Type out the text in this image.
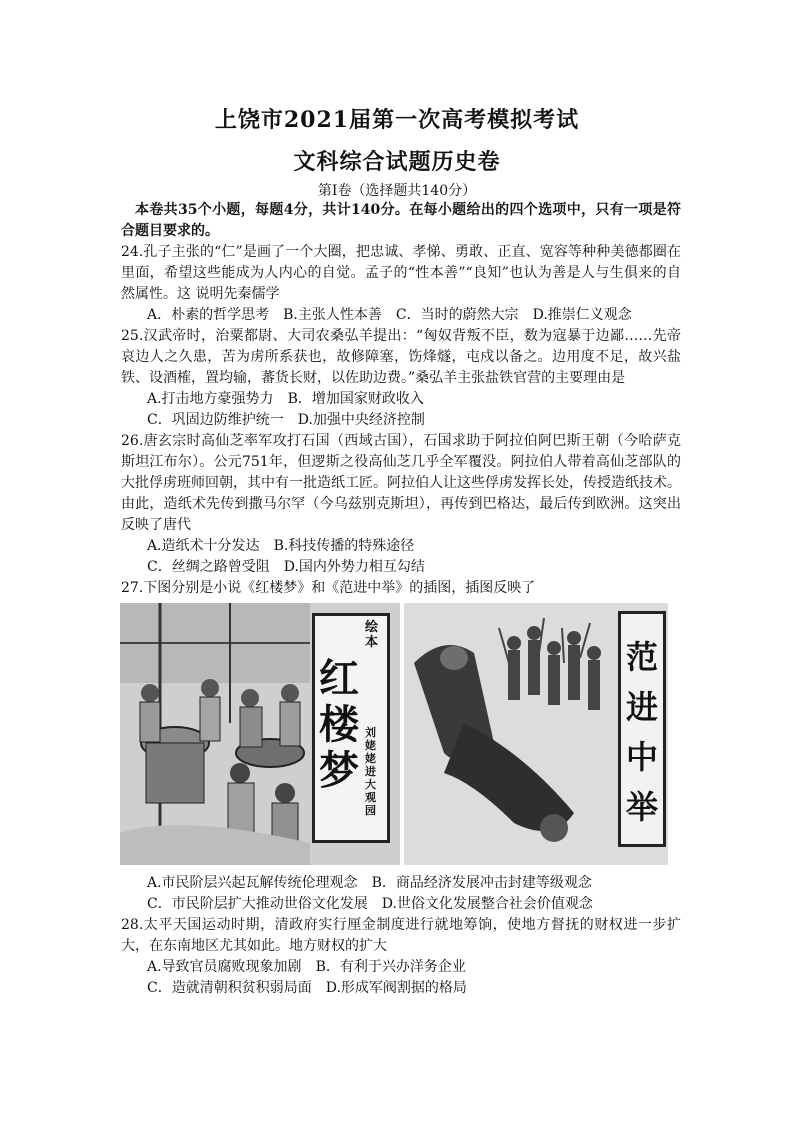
上饶市2021届第一次高考模拟考试
文科综合试题历史卷
第Ⅰ卷（选择题共140分）

本卷共35个小题，每题4分，共计140分。在每小题给出的四个选项中，只有一项是符合题目要求的。

24.孔子主张的“仁”是画了一个大圈，把忠诚、孝悌、勇敢、正直、宽容等种种美德都圈在里面，希望这些能成为人内心的自觉。孟子的“性本善”“良知”也认为善是人与生俱来的自然属性。这 说明先秦儒学

A．朴素的哲学思考 B.主张人性本善 C．当时的蔚然大宗 D.推崇仁义观念

25.汉武帝时，治粟都尉、大司农桑弘羊提出：“匈奴背叛不臣，数为寇暴于边鄙……先帝哀边人之久患，苦为虏所系获也，故修障塞，饬烽燧，屯戍以备之。边用度不足，故兴盐铁、设酒榷，置均输，蕃货长财，以佐助边费。”桑弘羊主张盐铁官营的主要理由是

A.打击地方豪强势力 B．增加国家财政收入

C．巩固边防维护统一 D.加强中央经济控制

26.唐玄宗时高仙芝率军攻打石国（西域古国），石国求助于阿拉伯阿巴斯王朝（今哈萨克斯坦江布尔）。公元751年，但逻斯之役高仙芝几乎全军覆没。阿拉伯人带着高仙芝部队的大批俘虏班师回朝，其中有一批造纸工匠。阿拉伯人让这些俘虏发挥长处，传授造纸技术。由此，造纸术先传到撒马尔罕（今乌兹别克斯坦），再传到巴格达，最后传到欧洲。这突出反映了唐代

A.造纸术十分发达 B.科技传播的特殊途径

C．丝绸之路曾受阻 D.国内外势力相互勾结

27.下图分别是小说《红楼梦》和《范进中举》的插图，插图反映了

绘本
红楼梦
刘姥姥进大观园
范进中举

A.市民阶层兴起瓦解传统伦理观念 B．商品经济发展冲击封建等级观念

C．市民阶层扩大推动世俗文化发展 D.世俗文化发展整合社会价值观念

28.太平天国运动时期，清政府实行厘金制度进行就地筹饷，使地方督抚的财权进一步扩大，在东南地区尤其如此。地方财权的扩大

A.导致官员腐败现象加剧 B．有利于兴办洋务企业

C．造就清朝积贫积弱局面 D.形成军阀割据的格局
